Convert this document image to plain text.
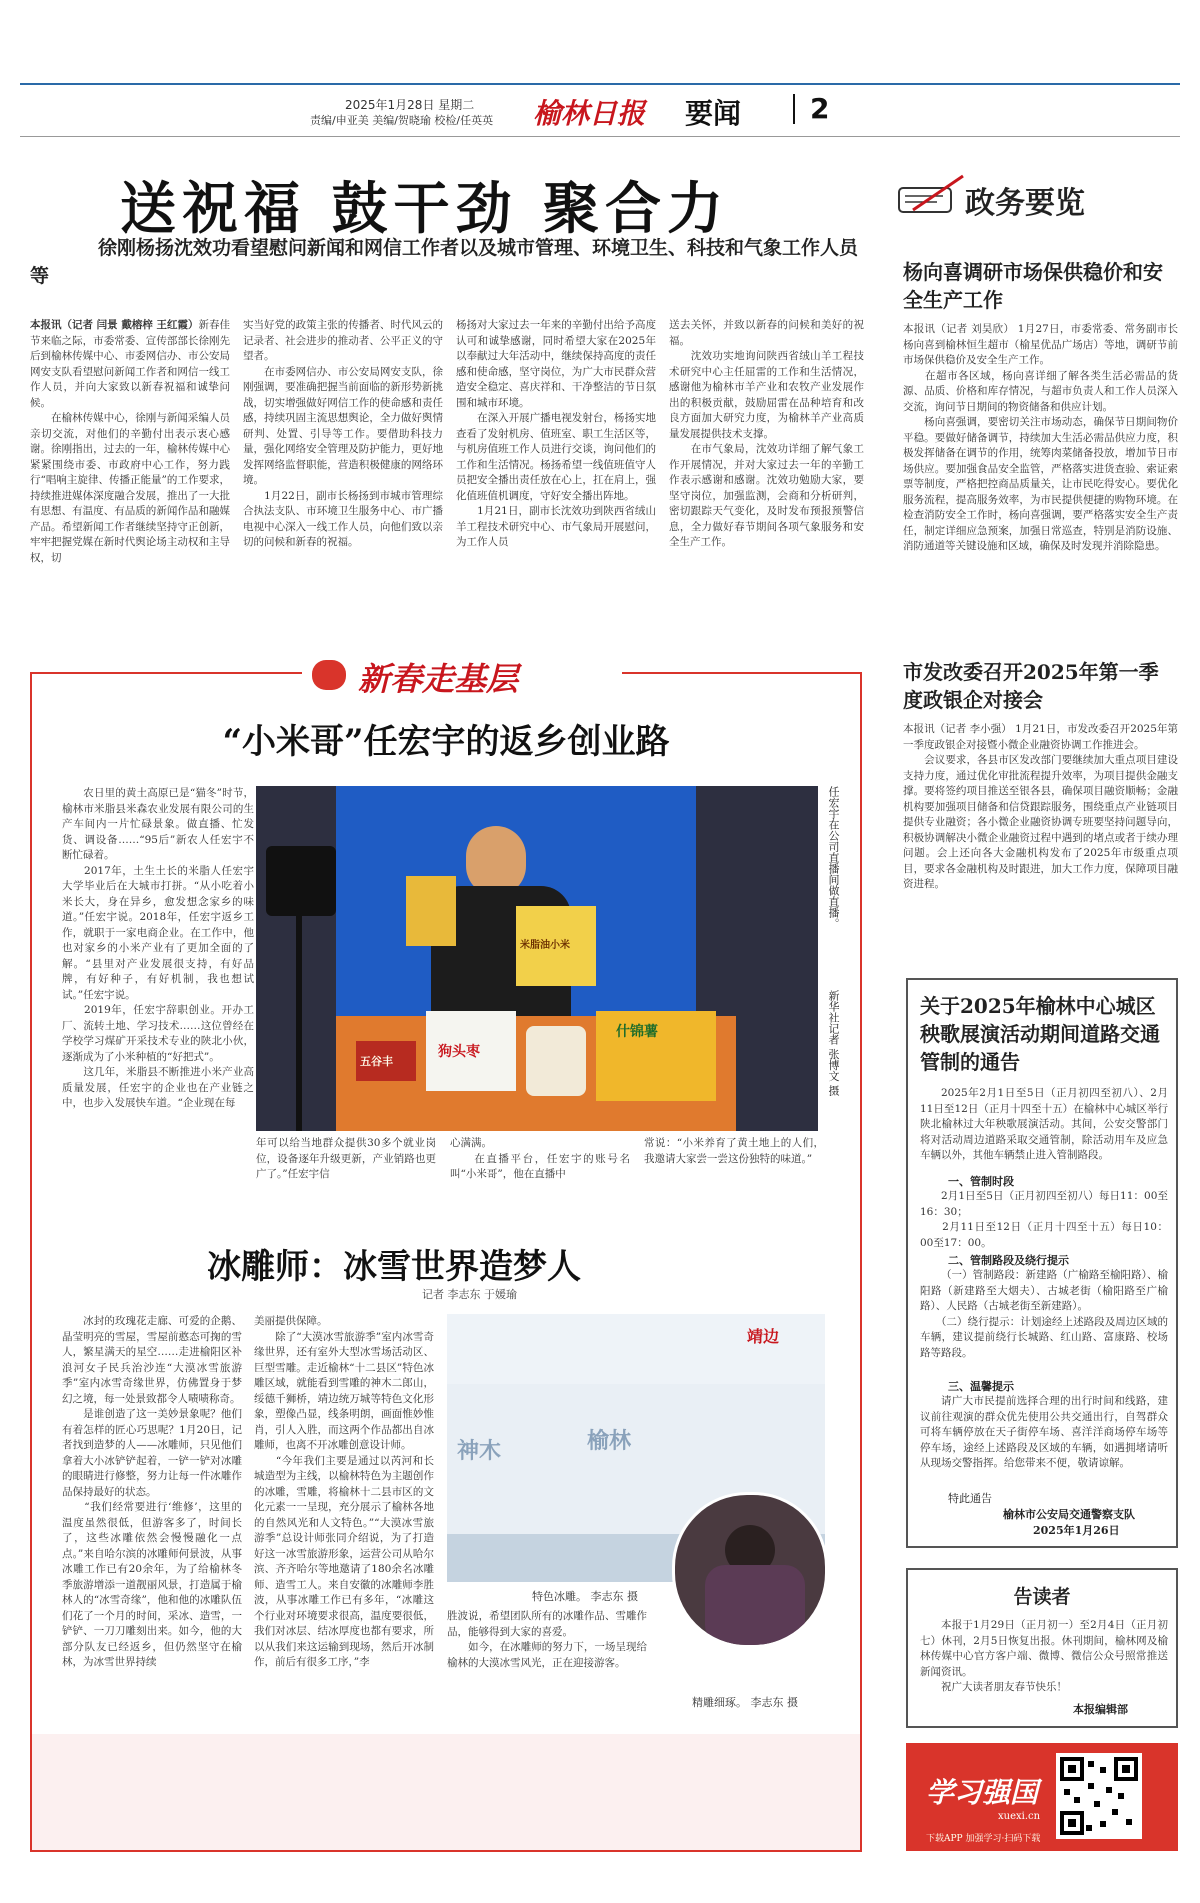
2025年1月28日 星期二
责编/申亚美 美编/贺晓瑜 校检/任英英 榆林日报 要闻 2
送祝福 鼓干劲 聚合力
徐刚杨扬沈效功看望慰问新闻和网信工作者以及城市管理、环境卫生、科技和气象工作人员等
本报讯（记者 闫景 戴榕梓 王红霞）新春佳节来临之际，市委常委、宣传部部长徐刚先后到榆林传媒中心、市委网信办、市公安局网安支队看望慰问新闻工作者和网信一线工作人员，并向大家致以新春祝福和诚挚问候。
　　在榆林传媒中心，徐刚与新闻采编人员亲切交流，对他们的辛勤付出表示衷心感谢。徐刚指出，过去的一年，榆林传媒中心紧紧围绕市委、市政府中心工作，努力践行“唱响主旋律、传播正能量”的工作要求，持续推进媒体深度融合发展，推出了一大批有思想、有温度、有品质的新闻作品和融媒产品。希望新闻工作者继续坚持守正创新，牢牢把握党媒在新时代舆论场主动权和主导权，切
实当好党的政策主张的传播者、时代风云的记录者、社会进步的推动者、公平正义的守望者。
　　在市委网信办、市公安局网安支队，徐刚强调，要准确把握当前面临的新形势新挑战，切实增强做好网信工作的使命感和责任感，持续巩固主流思想舆论，全力做好舆情研判、处置、引导等工作。要借助科技力量，强化网络安全管理及防护能力，更好地发挥网络监督职能，营造积极健康的网络环境。
　　1月22日，副市长杨扬到市城市管理综合执法支队、市环境卫生服务中心、市广播电视中心深入一线工作人员，向他们致以亲切的问候和新春的祝福。
杨扬对大家过去一年来的辛勤付出给予高度认可和诚挚感谢，同时希望大家在2025年以奉献过大年活动中，继续保持高度的责任感和使命感，坚守岗位，为广大市民群众营造安全稳定、喜庆祥和、干净整洁的节日氛围和城市环境。
　　在深入开展广播电视发射台，杨扬实地查看了发射机房、值班室、职工生活区等，与机房值班工作人员进行交谈，询问他们的工作和生活情况。杨扬希望一线值班值守人员把安全播出责任放在心上，扛在肩上，强化值班值机调度，守好安全播出阵地。
　　1月21日，副市长沈效功到陕西省绒山羊工程技术研究中心、市气象局开展慰问，为工作人员
送去关怀，并致以新春的问候和美好的祝福。
　　沈效功实地询问陕西省绒山羊工程技术研究中心主任屈雷的工作和生活情况，感谢他为榆林市羊产业和农牧产业发展作出的积极贡献，鼓励屈雷在品种培育和改良方面加大研究力度，为榆林羊产业高质量发展提供技术支撑。
　　在市气象局，沈效功详细了解气象工作开展情况，并对大家过去一年的辛勤工作表示感谢和感谢。沈效功勉励大家，要坚守岗位，加强监测，会商和分析研判，密切跟踪天气变化，及时发布预报预警信息，全力做好春节期间各项气象服务和安全生产工作。
政务要览
杨向喜调研市场保供稳价和安全生产工作
本报讯（记者 刘昊欣） 1月27日，市委常委、常务副市长杨向喜到榆林恒生超市（榆星优品广场店）等地，调研节前市场保供稳价及安全生产工作。
　　在超市各区域，杨向喜详细了解各类生活必需品的货源、品质、价格和库存情况，与超市负责人和工作人员深入交流，询问节日期间的物资储备和供应计划。
　　杨向喜强调，要密切关注市场动态，确保节日期间物价平稳。要做好储备调节，持续加大生活必需品供应力度，积极发挥储备在调节的作用，统筹肉菜储备投放，增加节日市场供应。要加强食品安全监管，严格落实进货查验、索证索票等制度，严格把控商品质量关，让市民吃得安心。要优化服务流程，提高服务效率，为市民提供便捷的购物环境。在检查消防安全工作时，杨向喜强调，要严格落实安全生产责任，制定详细应急预案，加强日常巡查，特别是消防设施、消防通道等关键设施和区域，确保及时发现并消除隐患。
市发改委召开2025年第一季度政银企对接会
本报讯（记者 李小强） 1月21日，市发改委召开2025年第一季度政银企对接暨小微企业融资协调工作推进会。
　　会议要求，各县市区发改部门要继续加大重点项目建设支持力度，通过优化审批流程提升效率，为项目提供金融支撑。要将签约项目推送至银各县，确保项目融资顺畅；金融机构要加强项目储备和信贷跟踪服务，围绕重点产业链项目提供专业融资；各小微企业融资协调专班要坚持问题导向，积极协调解决小微企业融资过程中遇到的堵点或者于续办理问题。会上还向各大金融机构发布了2025年市级重点项目，要求各金融机构及时跟进，加大工作力度，保障项目融资进程。
关于2025年榆林中心城区秧歌展演活动期间道路交通管制的通告
2025年2月1日至5日（正月初四至初八）、2月11日至12日（正月十四至十五）在榆林中心城区举行陕北榆林过大年秧歌展演活动。其间，公安交警部门将对活动周边道路采取交通管制，除活动用车及应急车辆以外，其他车辆禁止进入管制路段。
一、管制时段
2月1日至5日（正月初四至初八）每日11：00至16：30；
　　2月11日至12日（正月十四至十五）每日10：00至17：00。
二、管制路段及绕行提示
（一）管制路段：新建路（广榆路至榆阳路）、榆阳路（新建路至大烟夫）、古城老街（榆阳路至广榆路）、人民路（古城老街至新建路）。
　　（二）绕行提示：计划途经上述路段及周边区域的车辆，建议提前绕行长城路、红山路、富康路、校场路等路段。
三、温馨提示
请广大市民提前选择合理的出行时间和线路，建议前往观演的群众优先使用公共交通出行，自驾群众可将车辆停放在天子街停车场、喜洋洋商场停车场等停车场，途经上述路段及区域的车辆，如遇拥堵请听从现场交警指挥。给您带来不便，敬请谅解。
特此通告
榆林市公安局交通警察支队
2025年1月26日
告读者
本报于1月29日（正月初一）至2月4日（正月初七）休刊，2月5日恢复出报。休刊期间，榆林网及榆林传媒中心官方客户端、微博、微信公众号照常推送新闻资讯。
　　祝广大读者朋友春节快乐！
本报编辑部
学习强国
xuexi.cn
下载APP 加强学习·扫码下载
新春走基层
“小米哥”任宏宇的返乡创业路
　　农日里的黄土高原已是“猫冬”时节，榆林市米脂县米森农业发展有限公司的生产车间内一片忙碌景象。做直播、忙发货、调设备……“95后”新农人任宏宇不断忙碌着。
　　2017年，土生土长的米脂人任宏宇大学毕业后在大城市打拼。“从小吃着小米长大，身在异乡，愈发想念家乡的味道。”任宏宇说。2018年，任宏宇返乡工作，就职于一家电商企业。在工作中，他也对家乡的小米产业有了更加全面的了解。“县里对产业发展很支持，有好品牌，有好种子，有好机制，我也想试试。”任宏宇说。
　　2019年，任宏宇辞职创业。开办工厂、流转土地、学习技术……这位曾经在学校学习煤矿开采技术专业的陕北小伙，逐渐成为了小米种植的“好把式”。
　　这几年，米脂县不断推进小米产业高质量发展，任宏宇的企业也在产业链之中，也步入发展快车道。“企业现在每
米脂油小米
五谷丰
狗头枣
什锦薯
任宏宇在公司直播间做直播。
新华社记者 张博文 摄
年可以给当地群众提供30多个就业岗位，设备逐年升级更新，产业销路也更广了。”任宏宇信
心满满。
　　在直播平台，任宏宇的账号名叫“小米哥”，他在直播中
常说：“小米养育了黄土地上的人们，我邀请大家尝一尝这份独特的味道。”
冰雕师：冰雪世界造梦人
记者 李志东 于媛瑜
　　冰封的玫瑰花走廊、可爱的企鹅、晶莹明亮的雪屋，雪屋前憨态可掬的雪人，繁星满天的星空……走进榆阳区补浪河女子民兵治沙连“大漠冰雪旅游季”室内冰雪奇缘世界，仿佛置身于梦幻之境，每一处景致都令人啧啧称奇。
　　是谁创造了这一美妙景象呢？他们有着怎样的匠心巧思呢？1月20日，记者找到造梦的人——冰雕师，只见他们拿着大小冰铲铲起着，一铲一铲对冰雕的眼睛进行修整，努力让每一件冰雕作品保持最好的状态。
　　“我们经常要进行‘维修’，这里的温度虽然很低，但游客多了，时间长了，这些冰雕依然会慢慢融化一点点。”来自哈尔滨的冰雕师何景波，从事冰雕工作已有20余年，为了给榆林冬季旅游增添一道靓丽风景，打造属于榆林人的“冰雪奇缘”，他和他的冰雕队伍们花了一个月的时间，采冰、造雪，一铲铲、一刀刀雕刻出来。如今，他的大部分队友已经返乡，但仍然坚守在榆林，为冰雪世界持续
美丽提供保障。
　　除了“大漠冰雪旅游季”室内冰雪奇缘世界，还有室外大型冰雪场活动区、巨型雪雕。走近榆林“十二县区”特色冰雕区域，就能看到雪雕的神木二郎山，绥德千狮桥，靖边统万城等特色文化形象，塑像凸显，线条明朗，画面惟妙惟肖，引人入胜，而这两个作品都出自冰雕师，也离不开冰雕创意设计师。
　　“今年我们主要是通过以芮河和长城造型为主线，以榆林特色为主题创作的冰雕，雪雕，将榆林十二县市区的文化元素一一呈现，充分展示了榆林各地的自然风光和人文特色。”“大漠冰雪旅游季”总设计师张同介绍说，为了打造好这一冰雪旅游形象，运营公司从哈尔滨、齐齐哈尔等地邀请了180余名冰雕师、造雪工人。来自安徽的冰雕师李胜波，从事冰雕工作已有多年，“冰雕这个行业对环境要求很高，温度要很低，我们对冰层、结冰厚度也都有要求，所以从我们来这运输到现场，然后开冰制作，前后有很多工序，”李
神木
靖边
榆林
特色冰雕。 李志东 摄
胜波说，希望团队所有的冰雕作品、雪雕作品，能够得到大家的喜爱。
　　如今，在冰雕师的努力下，一场呈现给榆林的大漠冰雪风光，正在迎接游客。
精雕细琢。 李志东 摄
